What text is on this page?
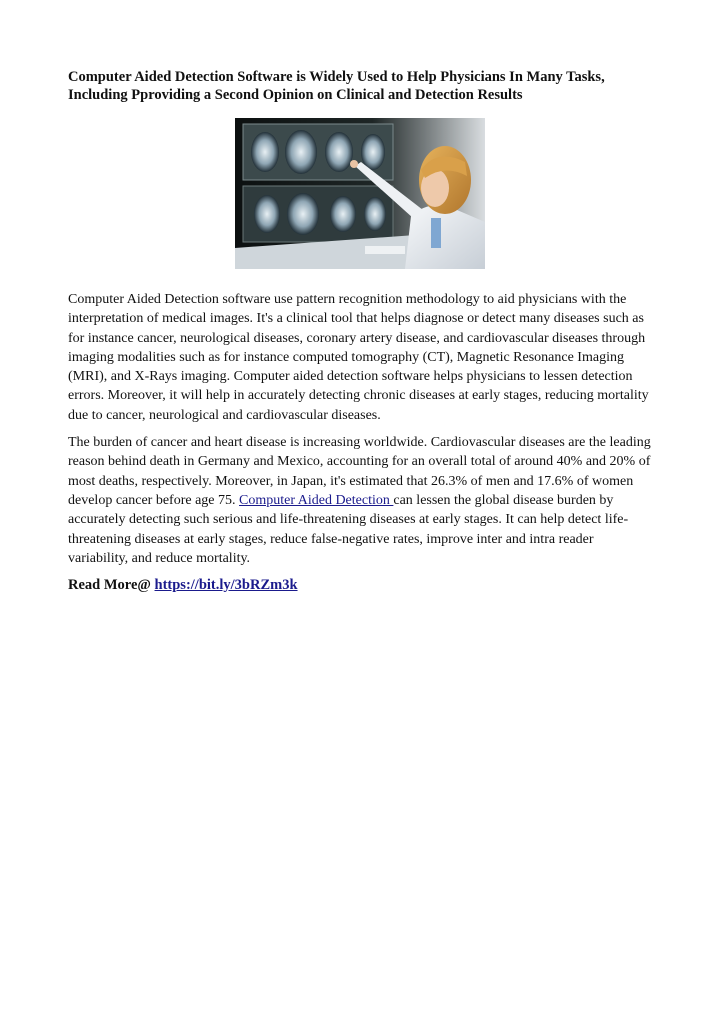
Computer Aided Detection Software is Widely Used to Help Physicians In Many Tasks, Including Pproviding a Second Opinion on Clinical and Detection Results

Computer Aided Detection software use pattern recognition methodology to aid physicians with the interpretation of medical images. It's a clinical tool that helps diagnose or detect many diseases such as for instance cancer, neurological diseases, coronary artery disease, and cardiovascular diseases through imaging modalities such as for instance computed tomography (CT), Magnetic Resonance Imaging (MRI), and X-Rays imaging. Computer aided detection software helps physicians to lessen detection errors. Moreover, it will help in accurately detecting chronic diseases at early stages, reducing mortality due to cancer, neurological and cardiovascular diseases.

The burden of cancer and heart disease is increasing worldwide. Cardiovascular diseases are the leading reason behind death in Germany and Mexico, accounting for an overall total of around 40% and 20% of most deaths, respectively. Moreover, in Japan, it's estimated that 26.3% of men and 17.6% of women develop cancer before age 75. Computer Aided Detection can lessen the global disease burden by accurately detecting such serious and life-threatening diseases at early stages. It can help detect life-threatening diseases at early stages, reduce false-negative rates, improve inter and intra reader variability, and reduce mortality.

Read More@ https://bit.ly/3bRZm3k
